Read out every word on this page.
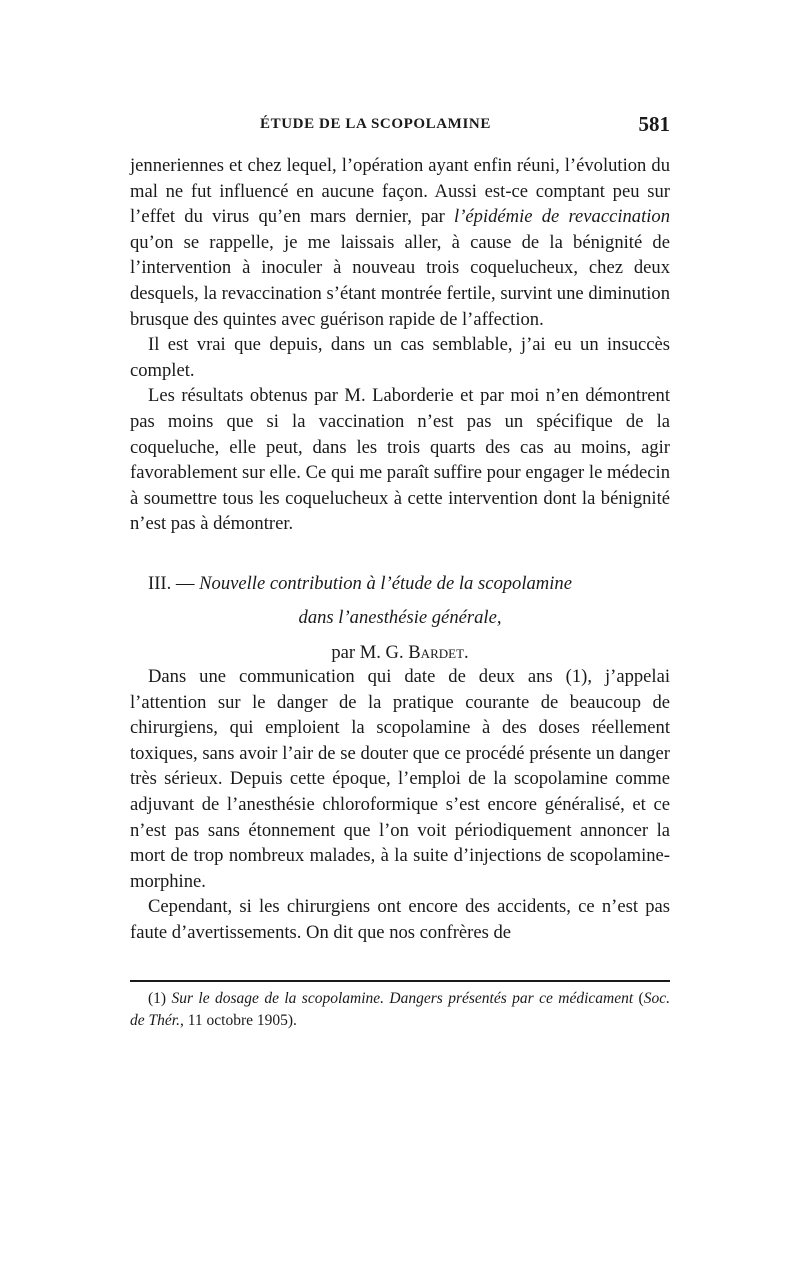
ÉTUDE DE LA SCOPOLAMINE	581

jenneriennes et chez lequel, l’opération ayant enfin réuni, l’évolution du mal ne fut influencé en aucune façon. Aussi est-ce comptant peu sur l’effet du virus qu’en mars dernier, par l’épidémie de revaccination qu’on se rappelle, je me laissais aller, à cause de la bénignité de l’intervention à inoculer à nouveau trois coquelucheux, chez deux desquels, la revaccination s’étant montrée fertile, survint une diminution brusque des quintes avec guérison rapide de l’affection.

Il est vrai que depuis, dans un cas semblable, j’ai eu un insuccès complet.

Les résultats obtenus par M. Laborderie et par moi n’en démontrent pas moins que si la vaccination n’est pas un spécifique de la coqueluche, elle peut, dans les trois quarts des cas au moins, agir favorablement sur elle. Ce qui me paraît suffire pour engager le médecin à soumettre tous les coquelucheux à cette intervention dont la bénignité n’est pas à démontrer.

III. — Nouvelle contribution à l’étude de la scopolamine
dans l’anesthésie générale,
par M. G. Bardet.

Dans une communication qui date de deux ans (1), j’appelai l’attention sur le danger de la pratique courante de beaucoup de chirurgiens, qui emploient la scopolamine à des doses réellement toxiques, sans avoir l’air de se douter que ce procédé présente un danger très sérieux. Depuis cette époque, l’emploi de la scopolamine comme adjuvant de l’anesthésie chloroformique s’est encore généralisé, et ce n’est pas sans étonnement que l’on voit périodiquement annoncer la mort de trop nombreux malades, à la suite d’injections de scopolamine-morphine.

Cependant, si les chirurgiens ont encore des accidents, ce n’est pas faute d’avertissements. On dit que nos confrères de

(1) Sur le dosage de la scopolamine. Dangers présentés par ce médicament (Soc. de Thér., 11 octobre 1905).
